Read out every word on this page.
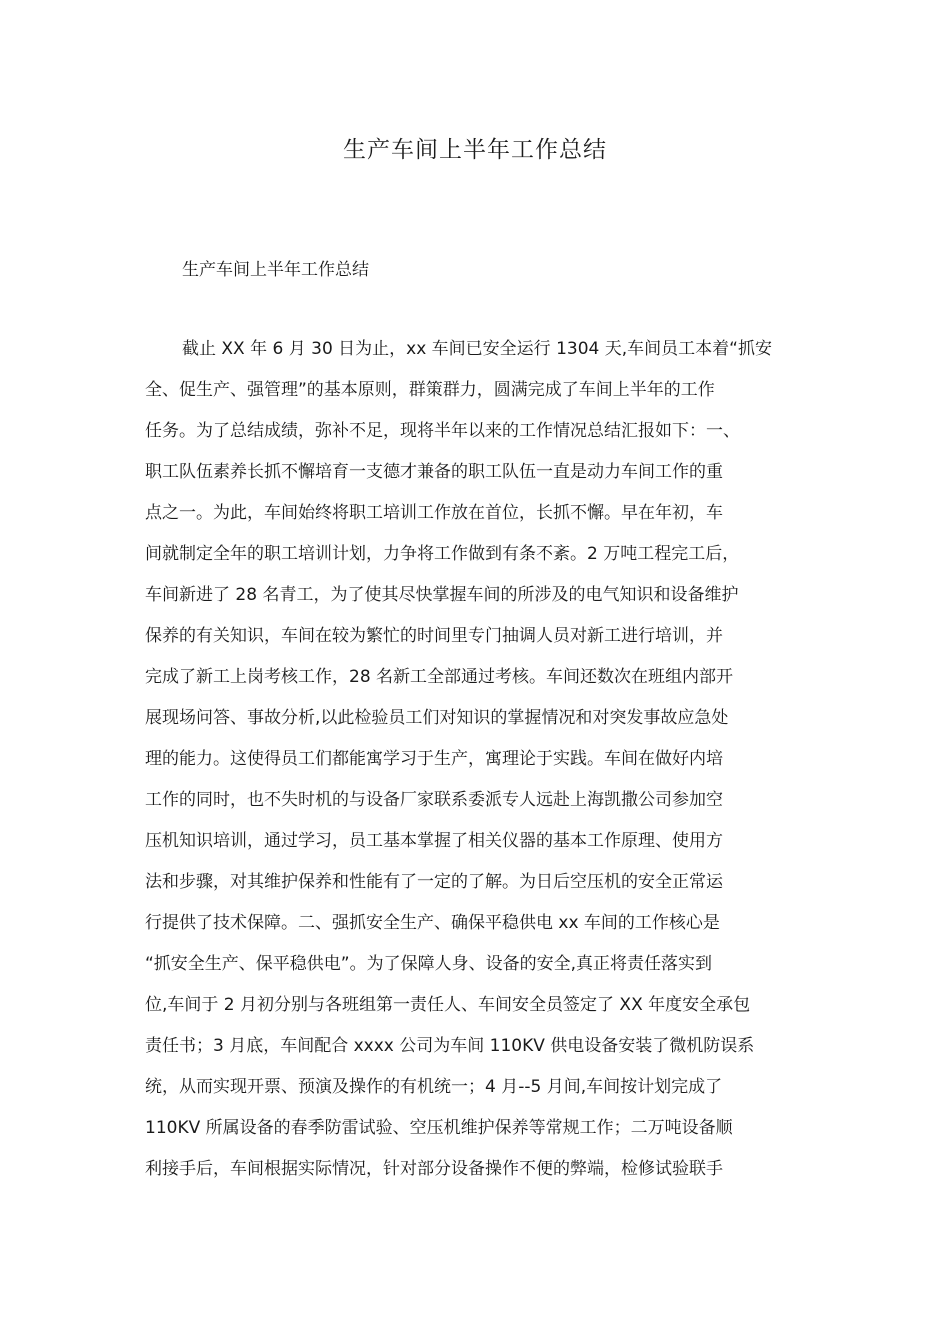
生产车间上半年工作总结

生产车间上半年工作总结

截止 XX 年 6 月 30 日为止，xx 车间已安全运行 1304 天,车间员工本着“抓安
全、促生产、强管理”的基本原则，群策群力，圆满完成了车间上半年的工作
任务。为了总结成绩，弥补不足，现将半年以来的工作情况总结汇报如下：一、
职工队伍素养长抓不懈培育一支德才兼备的职工队伍一直是动力车间工作的重
点之一。为此，车间始终将职工培训工作放在首位，长抓不懈。早在年初，车
间就制定全年的职工培训计划，力争将工作做到有条不紊。2 万吨工程完工后，
车间新进了 28 名青工，为了使其尽快掌握车间的所涉及的电气知识和设备维护
保养的有关知识，车间在较为繁忙的时间里专门抽调人员对新工进行培训，并
完成了新工上岗考核工作，28 名新工全部通过考核。车间还数次在班组内部开
展现场问答、事故分析,以此检验员工们对知识的掌握情况和对突发事故应急处
理的能力。这使得员工们都能寓学习于生产，寓理论于实践。车间在做好内培
工作的同时，也不失时机的与设备厂家联系委派专人远赴上海凯撒公司参加空
压机知识培训，通过学习，员工基本掌握了相关仪器的基本工作原理、使用方
法和步骤，对其维护保养和性能有了一定的了解。为日后空压机的安全正常运
行提供了技术保障。二、强抓安全生产、确保平稳供电 xx 车间的工作核心是
“抓安全生产、保平稳供电”。为了保障人身、设备的安全,真正将责任落实到
位,车间于 2 月初分别与各班组第一责任人、车间安全员签定了 XX 年度安全承包
责任书；3 月底，车间配合 xxxx 公司为车间 110KV 供电设备安装了微机防误系
统，从而实现开票、预演及操作的有机统一；4 月--5 月间,车间按计划完成了
110KV 所属设备的春季防雷试验、空压机维护保养等常规工作；二万吨设备顺
利接手后，车间根据实际情况，针对部分设备操作不便的弊端，检修试验联手
